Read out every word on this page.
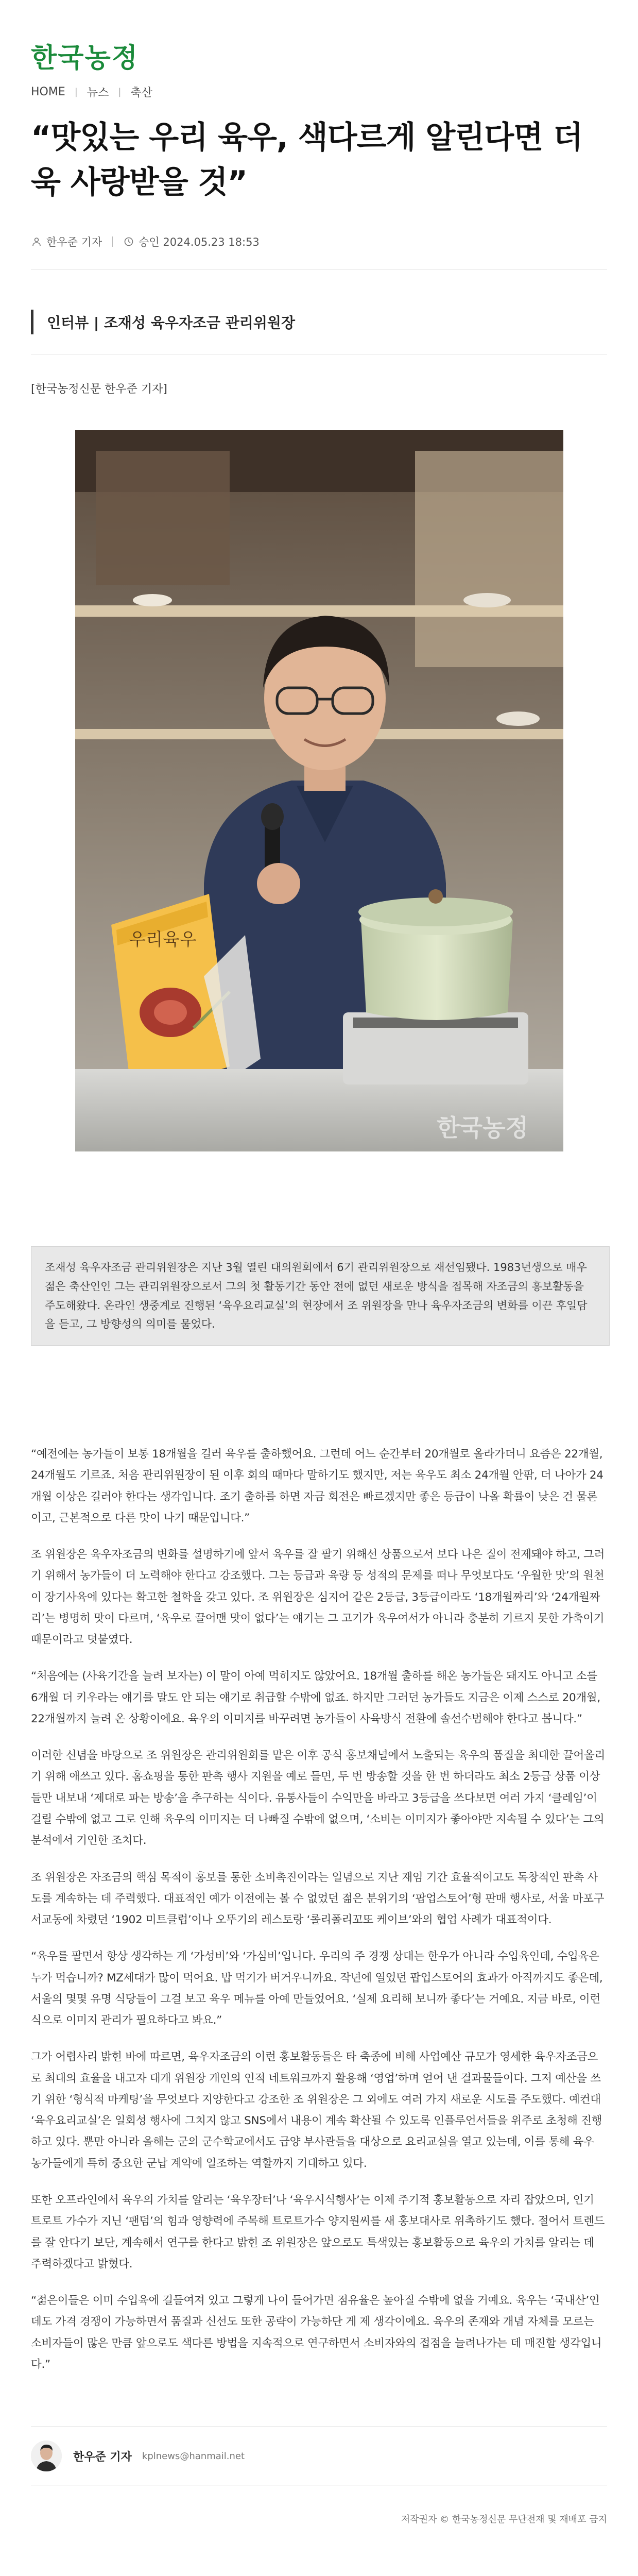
한국농정
HOME | 뉴스 | 축산
“맛있는 우리 육우, 색다르게 알린다면 더욱 사랑받을 것”
한우준 기자	승인 2024.05.23 18:53
인터뷰 | 조재성 육우자조금 관리위원장

[한국농정신문 한우준 기자]

우리육우
한국농정
조재성 육우자조금 관리위원장은 지난 3월 열린 대의원회에서 6기 관리위원장으로 재선임됐다. 1983년생으로 매우 젊은 축산인인 그는 관리위원장으로서 그의 첫 활동기간 동안 전에 없던 새로운 방식을 접목해 자조금의 홍보활동을 주도해왔다. 온라인 생중계로 진행된 ‘육우요리교실’의 현장에서 조 위원장을 만나 육우자조금의 변화를 이끈 후일담을 듣고, 그 방향성의 의미를 물었다.

“예전에는 농가들이 보통 18개월을 길러 육우를 출하했어요. 그런데 어느 순간부터 20개월로 올라가더니 요즘은 22개월, 24개월도 기르죠. 처음 관리위원장이 된 이후 회의 때마다 말하기도 했지만, 저는 육우도 최소 24개월 안팎, 더 나아가 24개월 이상은 길러야 한다는 생각입니다. 조기 출하를 하면 자금 회전은 빠르겠지만 좋은 등급이 나올 확률이 낮은 건 물론이고, 근본적으로 다른 맛이 나기 때문입니다.”

조 위원장은 육우자조금의 변화를 설명하기에 앞서 육우를 잘 팔기 위해선 상품으로서 보다 나은 질이 전제돼야 하고, 그러기 위해서 농가들이 더 노력해야 한다고 강조했다. 그는 등급과 육량 등 성적의 문제를 떠나 무엇보다도 ‘우월한 맛’의 원천이 장기사육에 있다는 확고한 철학을 갖고 있다. 조 위원장은 심지어 같은 2등급, 3등급이라도 ‘18개월짜리’와 ‘24개월짜리’는 병명히 맛이 다르며, ‘육우로 끌어맨 맛이 없다’는 얘기는 그 고기가 육우여서가 아니라 충분히 기르지 못한 가축이기 때문이라고 덧붙였다.

“처음에는 (사육기간을 늘려 보자는) 이 말이 아예 먹히지도 않았어요. 18개월 출하를 해온 농가들은 돼지도 아니고 소를 6개월 더 키우라는 얘기를 말도 안 되는 얘기로 취급할 수밖에 없죠. 하지만 그러던 농가들도 지금은 이제 스스로 20개월, 22개월까지 늘려 온 상황이에요. 육우의 이미지를 바꾸려면 농가들이 사육방식 전환에 솔선수범해야 한다고 봅니다.”

이러한 신념을 바탕으로 조 위원장은 관리위원회를 맡은 이후 공식 홍보채널에서 노출되는 육우의 품질을 최대한 끌어올리기 위해 애쓰고 있다. 홈쇼핑을 통한 판촉 행사 지원을 예로 들면, 두 번 방송할 것을 한 번 하더라도 최소 2등급 상품 이상들만 내보내 ‘제대로 파는 방송’을 추구하는 식이다. 유통사들이 수익만을 바라고 3등급을 쓰다보면 여러 가지 ‘클레임’이 걸릴 수밖에 없고 그로 인해 육우의 이미지는 더 나빠질 수밖에 없으며, ‘소비는 이미지가 좋아야만 지속될 수 있다’는 그의 분석에서 기인한 조치다.

조 위원장은 자조금의 핵심 목적이 홍보를 통한 소비촉진이라는 일념으로 지난 재임 기간 효율적이고도 독창적인 판촉 사도를 계속하는 데 주력했다. 대표적인 예가 이전에는 볼 수 없었던 젊은 분위기의 ‘팝업스토어’형 판매 행사로, 서울 마포구 서교동에 차렸던 ‘1902 미트클럽’이나 오뚜기의 레스토랑 ‘롤리폴리꼬또 케이브’와의 협업 사례가 대표적이다.

“육우를 팔면서 항상 생각하는 게 ‘가성비’와 ‘가심비’입니다. 우리의 주 경쟁 상대는 한우가 아니라 수입육인데, 수입육은 누가 먹습니까? MZ세대가 많이 먹어요. 밥 먹기가 버거우니까요. 작년에 열었던 팝업스토어의 효과가 아직까지도 좋은데, 서울의 몇몇 유명 식당들이 그걸 보고 육우 메뉴를 아예 만들었어요. ‘실제 요리해 보니까 좋다’는 거예요. 지금 바로, 이런 식으로 이미지 관리가 필요하다고 봐요.”

그가 어렵사리 밝힌 바에 따르면, 육우자조금의 이런 홍보활동들은 타 축종에 비해 사업예산 규모가 영세한 육우자조금으로 최대의 효율을 내고자 대개 위원장 개인의 인적 네트워크까지 활용해 ‘영업’하며 얻어 낸 결과물들이다. 그저 예산을 쓰기 위한 ‘형식적 마케팅’을 무엇보다 지양한다고 강조한 조 위원장은 그 외에도 여러 가지 새로운 시도를 주도했다. 예컨대 ‘육우요리교실’은 일회성 행사에 그치지 않고 SNS에서 내용이 계속 확산될 수 있도록 인플루언서들을 위주로 초청해 진행하고 있다. 뿐만 아니라 올해는 군의 군수학교에서도 급양 부사관들을 대상으로 요리교실을 열고 있는데, 이를 통해 육우 농가들에게 특히 중요한 군납 계약에 일조하는 역할까지 기대하고 있다.

또한 오프라인에서 육우의 가치를 알리는 ‘육우장터’나 ‘육우시식행사’는 이제 주기적 홍보활동으로 자리 잡았으며, 인기 트로트 가수가 지닌 ‘팬덤’의 힘과 영향력에 주목해 트로트가수 양지원씨를 새 홍보대사로 위촉하기도 했다. 절어서 트렌드를 잘 안다기 보단, 계속해서 연구를 한다고 밝힌 조 위원장은 앞으로도 특색있는 홍보활동으로 육우의 가치를 알리는 데 주력하겠다고 밝혔다.

“젊은이들은 이미 수입육에 길들여져 있고 그렇게 나이 들어가면 점유율은 높아질 수밖에 없을 거예요. 육우는 ‘국내산’인데도 가격 경쟁이 가능하면서 품질과 신선도 또한 공략이 가능하단 게 제 생각이에요. 육우의 존재와 개념 자체를 모르는 소비자들이 많은 만큼 앞으로도 색다른 방법을 지속적으로 연구하면서 소비자와의 접점을 늘려나가는 데 매진할 생각입니다.”

한우준 기자 kplnews@hanmail.net
저작권자 © 한국농정신문 무단전재 및 재배포 금지
